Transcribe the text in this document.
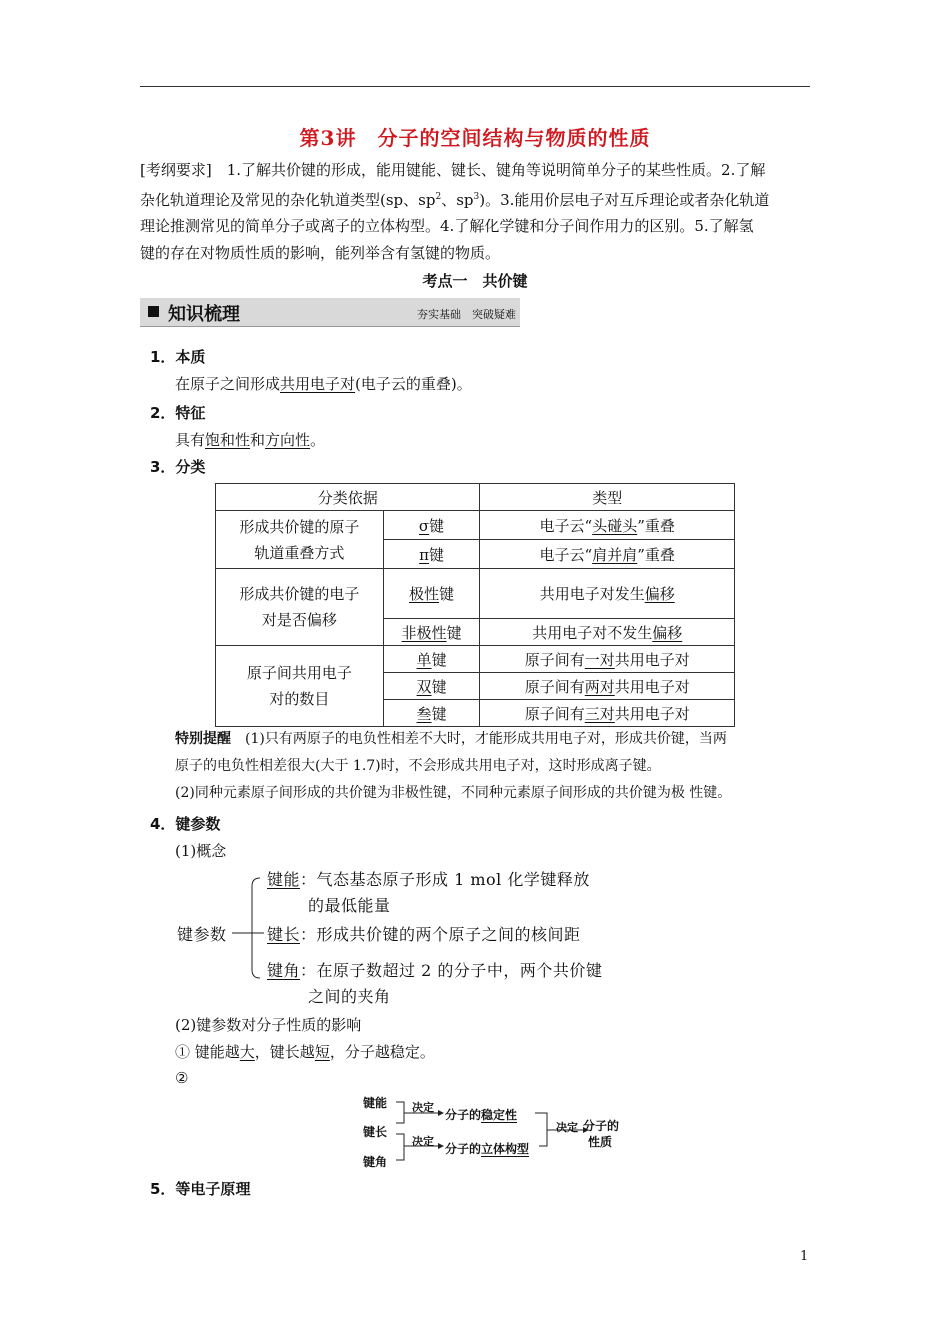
第3讲　分子的空间结构与物质的性质
[考纲要求]　 1.了解共价键的形成，能用键能、键长、键角等说明简单分子的某些性质。2.了解
杂化轨道理论及常见的杂化轨道类型(sp、$sp^2$、$sp^3$)。3.能用价层电子对互斥理论或者杂化轨道
理论推测常见的简单分子或离子的立体构型。4.了解化学键和分子间作用力的区别。5.了解氢
键的存在对物质性质的影响，能列举含有氢键的物质。
考点一　共价键
知识梳理	夯实基础　突破疑难
1．本质
在原子之间形成共用电子对(电子云的重叠)。
2．特征
具有饱和性和方向性。
3．分类
分类依据		类型

形成共价键的原子
轨道重叠方式	σ键	电子云“头碰头”重叠
	π键	电子云“肩并肩”重叠

形成共价键的电子
对是否偏移	极性键	共用电子对发生偏移
	非极性键	共用电子对不发生偏移

原子间共用电子
对的数目	单键	原子间有一对共用电子对
	双键	原子间有两对共用电子对
	叁键	原子间有三对共用电子对
特别提醒　(1)只有两原子的电负性相差不大时，才能形成共用电子对，形成共价键，当两
原子的电负性相差很大(大于 1.7)时，不会形成共用电子对，这时形成离子键。
(2)同种元素原子间形成的共价键为非极性键，不同种元素原子间形成的共价键为极 性键。
4．键参数
(1)概念
键参数
键能：气态基态原子形成 1 mol 化学键释放
的最低能量
键长：形成共价键的两个原子之间的核间距
键角：在原子数超过 2 的分子中，两个共价键
之间的夹角
(2)键参数对分子性质的影响
① 键能越大，键长越短，分子越稳定。
②
键能
键长
键角
决定
分子的稳定性
决定
分子的立体构型
决定 分子的
性质
5．等电子原理
1
